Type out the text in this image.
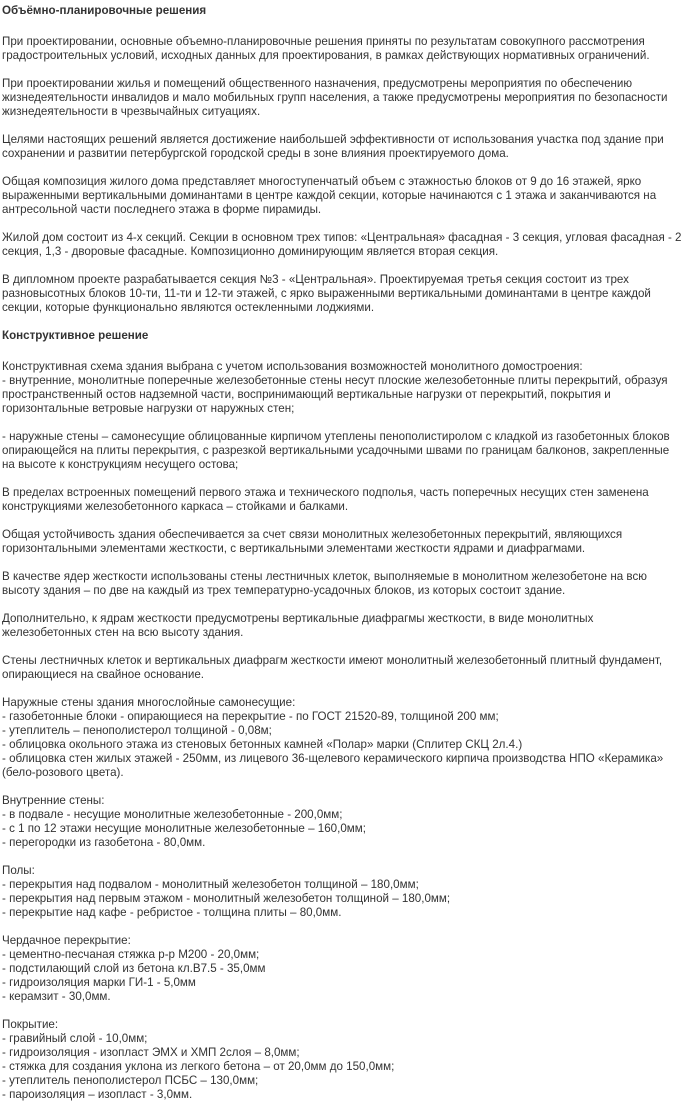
Объёмно-планировочные решения

При проектировании, основные объемно-планировочные решения приняты по результатам совокупного рассмотрения
градостроительных условий, исходных данных для проектирования, в рамках действующих нормативных ограничений.

При проектировании жилья и помещений общественного назначения, предусмотрены мероприятия по обеспечению
жизнедеятельности инвалидов и мало мобильных групп населения, а также предусмотрены мероприятия по безопасности
жизнедеятельности в чрезвычайных ситуациях.

Целями настоящих решений является достижение наибольшей эффективности от использования участка под здание при
сохранении и развитии петербургской городской среды в зоне влияния проектируемого дома.

Общая композиция жилого дома представляет многоступенчатый объем с этажностью блоков от 9 до 16 этажей, ярко
выраженными вертикальными доминантами в центре каждой секции, которые начинаются с 1 этажа и заканчиваются на
антресольной части последнего этажа в форме пирамиды.

Жилой дом состоит из 4-х секций. Секции в основном трех типов: «Центральная» фасадная - 3 секция, угловая фасадная - 2
секция, 1,3 - дворовые фасадные. Композиционно доминирующим является вторая секция.

В дипломном проекте разрабатывается секция №3 - «Центральная». Проектируемая третья секция состоит из трех
разновысотных блоков 10-ти, 11-ти и 12-ти этажей, с ярко выраженными вертикальными доминантами в центре каждой
секции, которые функционально являются остекленными лоджиями.

Конструктивное решение

Конструктивная схема здания выбрана с учетом использования возможностей монолитного домостроения:
- внутренние, монолитные поперечные железобетонные стены несут плоские железобетонные плиты перекрытий, образуя
пространственный остов надземной части, воспринимающий вертикальные нагрузки от перекрытий, покрытия и
горизонтальные ветровые нагрузки от наружных стен;

- наружные стены – самонесущие облицованные кирпичом утеплены пенополистиролом с кладкой из газобетонных блоков
опирающейся на плиты перекрытия, с разрезкой вертикальными усадочными швами по границам балконов, закрепленные
на высоте к конструкциям несущего остова;

В пределах встроенных помещений первого этажа и технического подполья, часть поперечных несущих стен заменена
конструкциями железобетонного каркаса – стойками и балками.

Общая устойчивость здания обеспечивается за счет связи монолитных железобетонных перекрытий, являющихся
горизонтальными элементами жесткости, с вертикальными элементами жесткости ядрами и диафрагмами.

В качестве ядер жесткости использованы стены лестничных клеток, выполняемые в монолитном железобетоне на всю
высоту здания – по две на каждый из трех температурно-усадочных блоков, из которых состоит здание.

Дополнительно, к ядрам жесткости предусмотрены вертикальные диафрагмы жесткости, в виде монолитных
железобетонных стен на всю высоту здания.

Стены лестничных клеток и вертикальных диафрагм жесткости имеют монолитный железобетонный плитный фундамент,
опирающиеся на свайное основание.

Наружные стены здания многослойные самонесущие:
- газобетонные блоки - опирающиеся на перекрытие - по ГОСТ 21520-89, толщиной 200 мм;
- утеплитель – пенополистерол толщиной - 0,08м;
- облицовка окольного этажа из стеновых бетонных камней «Полар» марки (Сплитер СКЦ 2л.4.)
- облицовка стен жилых этажей - 250мм, из лицевого 36-щелевого керамического кирпича производства НПО «Керамика»
(бело-розового цвета).

Внутренние стены:
- в подвале - несущие монолитные железобетонные - 200,0мм;
- с 1 по 12 этажи несущие монолитные железобетонные – 160,0мм;
- перегородки из газобетона - 80,0мм.

Полы:
- перекрытия над подвалом - монолитный железобетон толщиной – 180,0мм;
- перекрытия над первым этажом - монолитный железобетон толщиной – 180,0мм;
- перекрытие над кафе - ребристое - толщина плиты – 80,0мм.

Чердачное перекрытие:
- цементно-песчаная стяжка р-р М200 - 20,0мм;
- подстилающий слой из бетона кл.В7.5 - 35,0мм
- гидроизоляция марки ГИ-1 - 5,0мм
- керамзит - 30,0мм.

Покрытие:
- гравийный слой - 10,0мм;
- гидроизоляция - изопласт ЭМХ и ХМП 2слоя – 8,0мм;
- стяжка для создания уклона из легкого бетона – от 20,0мм до 150,0мм;
- утеплитель пенополистерол ПСБС – 130,0мм;
- пароизоляция – изопласт - 3,0мм.
